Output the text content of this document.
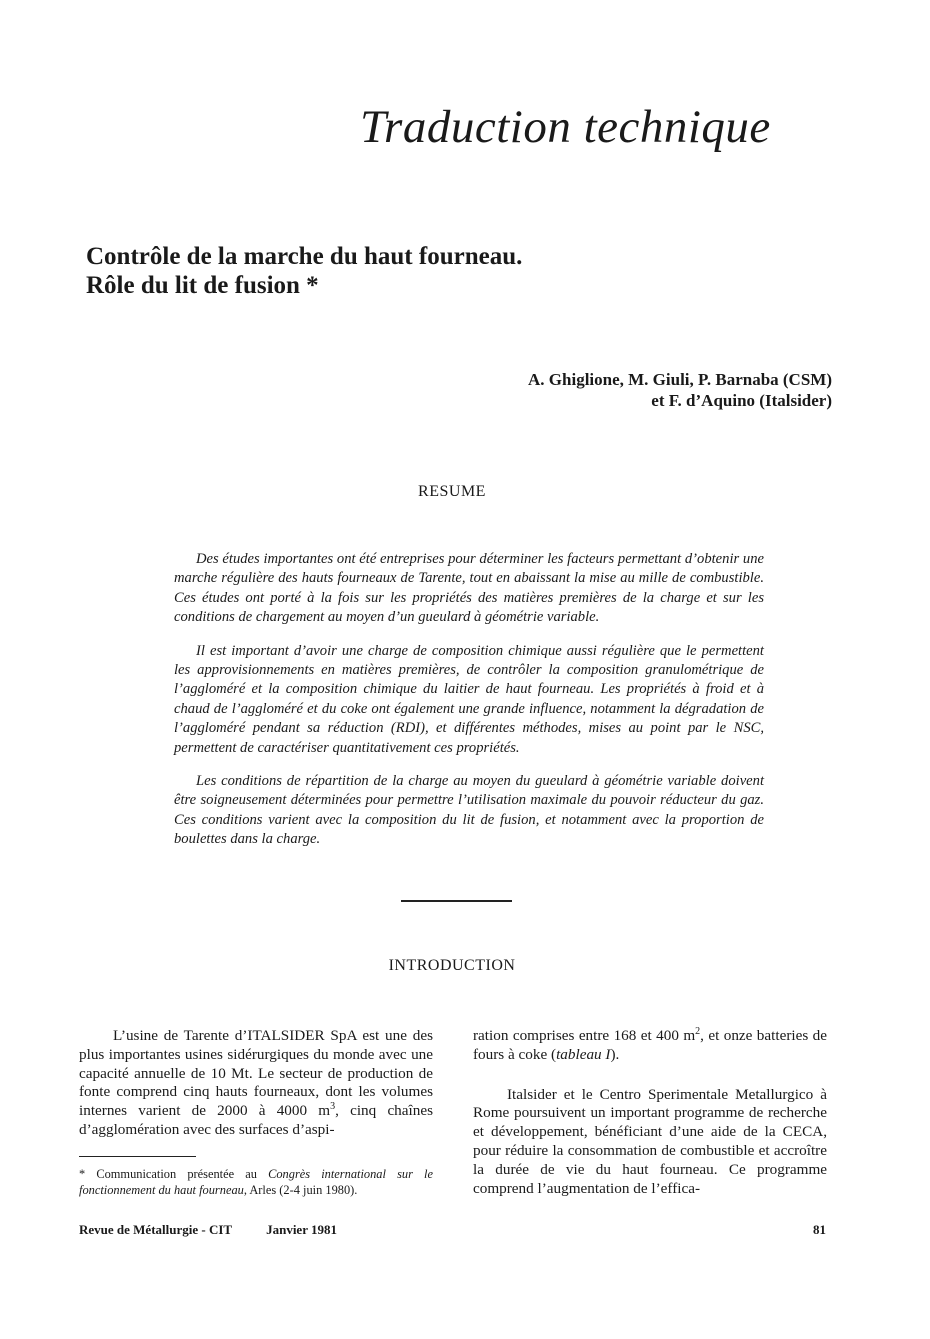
Traduction technique
Contrôle de la marche du haut fourneau.
Rôle du lit de fusion *
A. Ghiglione, M. Giuli, P. Barnaba (CSM)
et F. d’Aquino (Italsider)
RESUME

Des études importantes ont été entreprises pour déterminer les facteurs permettant d’obtenir une marche régulière des hauts fourneaux de Tarente, tout en abaissant la mise au mille de combustible. Ces études ont porté à la fois sur les propriétés des matières premières de la charge et sur les conditions de chargement au moyen d’un gueulard à géométrie variable.

Il est important d’avoir une charge de composition chimique aussi régulière que le permettent les approvisionnements en matières premières, de contrôler la composition granulométrique de l’aggloméré et la composition chimique du laitier de haut fourneau. Les propriétés à froid et à chaud de l’aggloméré et du coke ont également une grande influence, notamment la dégradation de l’aggloméré pendant sa réduction (RDI), et différentes méthodes, mises au point par le NSC, permettent de caractériser quantitativement ces propriétés.

Les conditions de répartition de la charge au moyen du gueulard à géométrie variable doivent être soigneusement déterminées pour permettre l’utilisation maximale du pouvoir réducteur du gaz. Ces conditions varient avec la composition du lit de fusion, et notamment avec la proportion de boulettes dans la charge.

INTRODUCTION

L’usine de Tarente d’ITALSIDER SpA est une des plus importantes usines sidérurgiques du monde avec une capacité annuelle de 10 Mt. Le secteur de production de fonte comprend cinq hauts fourneaux, dont les volumes internes varient de 2000 à 4000 $m^3$, cinq chaînes d’agglomération avec des surfaces d’aspi-

ration comprises entre 168 et 400 $m^2$, et onze batteries de fours à coke (tableau I).

Italsider et le Centro Sperimentale Metallurgico à Rome poursuivent un important programme de recherche et développement, bénéficiant d’une aide de la CECA, pour réduire la consommation de combustible et accroître la durée de vie du haut fourneau. Ce programme comprend l’augmentation de l’effica-

* Communication présentée au Congrès international sur le fonctionnement du haut fourneau, Arles (2-4 juin 1980).
Revue de Métallurgie - CIT	Janvier 1981	81
